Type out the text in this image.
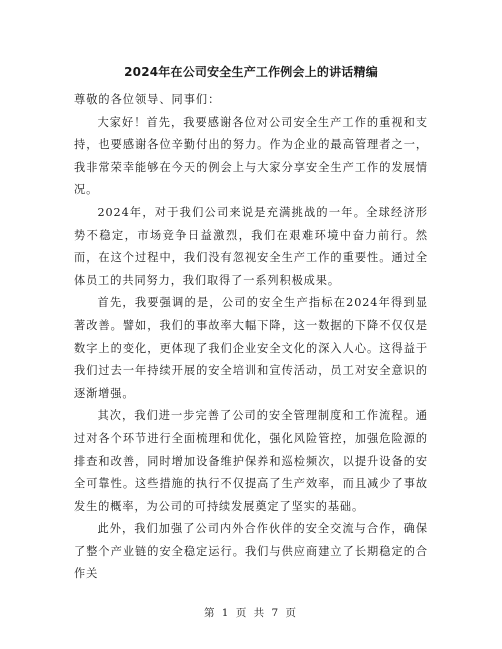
2024年在公司安全生产工作例会上的讲话精编

尊敬的各位领导、同事们：

大家好！首先，我要感谢各位对公司安全生产工作的重视和支持，也要感谢各位辛勤付出的努力。作为企业的最高管理者之一，我非常荣幸能够在今天的例会上与大家分享安全生产工作的发展情况。

2024年，对于我们公司来说是充满挑战的一年。全球经济形势不稳定，市场竞争日益激烈，我们在艰难环境中奋力前行。然而，在这个过程中，我们没有忽视安全生产工作的重要性。通过全体员工的共同努力，我们取得了一系列积极成果。

首先，我要强调的是，公司的安全生产指标在2024年得到显著改善。譬如，我们的事故率大幅下降，这一数据的下降不仅仅是数字上的变化，更体现了我们企业安全文化的深入人心。这得益于我们过去一年持续开展的安全培训和宣传活动，员工对安全意识的逐渐增强。

其次，我们进一步完善了公司的安全管理制度和工作流程。通过对各个环节进行全面梳理和优化，强化风险管控，加强危险源的排查和改善，同时增加设备维护保养和巡检频次，以提升设备的安全可靠性。这些措施的执行不仅提高了生产效率，而且减少了事故发生的概率，为公司的可持续发展奠定了坚实的基础。

此外，我们加强了公司内外合作伙伴的安全交流与合作，确保了整个产业链的安全稳定运行。我们与供应商建立了长期稳定的合作关

第 1 页 共 7 页
